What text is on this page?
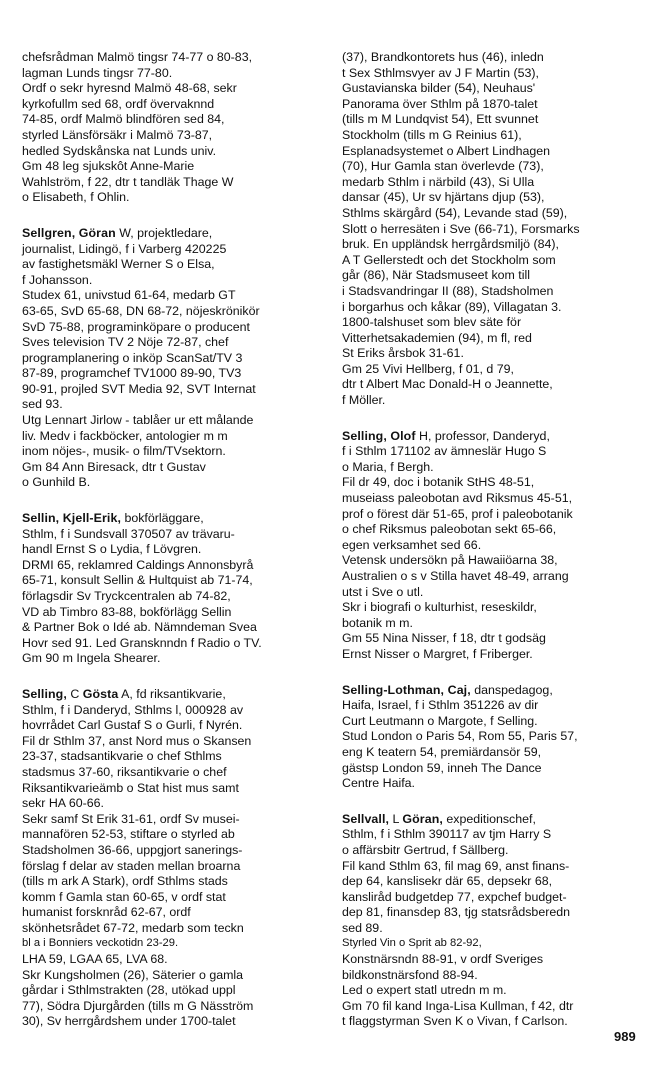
chefsrådman Malmö tingsr 74-77 o 80-83,
lagman Lunds tingsr 77-80.
Ordf o sekr hyresnd Malmö 48-68, sekr
kyrkofullm sed 68, ordf övervaknnd
74-85, ordf Malmö blindfören sed 84,
styrled Länsförsäkr i Malmö 73-87,
hedled Sydskånska nat Lunds univ.
Gm 48 leg sjukskôt Anne-Marie
Wahlström, f 22, dtr t tandläk Thage W
o Elisabeth, f Ohlin.
Sellgren, Göran W, projektledare,
journalist, Lidingö, f i Varberg 420225
av fastighetsmäkl Werner S o Elsa,
f Johansson.
Studex 61, univstud 61-64, medarb GT
63-65, SvD 65-68, DN 68-72, nöjeskrönikör
SvD 75-88, programinköpare o producent
Sves television TV 2 Nöje 72-87, chef
programplanering o inköp ScanSat/TV 3
87-89, programchef TV1000 89-90, TV3
90-91, projled SVT Media 92, SVT Internat
sed 93.
Utg Lennart Jirlow - tablåer ur ett målande
liv. Medv i fackböcker, antologier m m
inom nöjes-, musik- o film/TVsektorn.
Gm 84 Ann Biresack, dtr t Gustav
o Gunhild B.
Sellin, Kjell-Erik, bokförläggare,
Sthlm, f i Sundsvall 370507 av trävaru-
handl Ernst S o Lydia, f Lövgren.
DRMI 65, reklamred Caldings Annonsbyrå
65-71, konsult Sellin & Hultquist ab 71-74,
förlagsdir Sv Tryckcentralen ab 74-82,
VD ab Timbro 83-88, bokförlägg Sellin
& Partner Bok o Idé ab. Nämndeman Svea
Hovr sed 91. Led Gransknndn f Radio o TV.
Gm 90 m Ingela Shearer.
Selling, C Gösta A, fd riksantikvarie,
Sthlm, f i Danderyd, Sthlms l, 000928 av
hovrrådet Carl Gustaf S o Gurli, f Nyrén.
Fil dr Sthlm 37, anst Nord mus o Skansen
23-37, stadsantikvarie o chef Sthlms
stadsmus 37-60, riksantikvarie o chef
Riksantikvarieämb o Stat hist mus samt
sekr HA 60-66.
Sekr samf St Erik 31-61, ordf Sv musei-
mannafören 52-53, stiftare o styrled ab
Stadsholmen 36-66, uppgjort sanerings-
förslag f delar av staden mellan broarna
(tills m ark A Stark), ordf Sthlms stads
komm f Gamla stan 60-65, v ordf stat
humanist forsknråd 62-67, ordf
skönhetsrådet 67-72, medarb som teckn
bl a i Bonniers veckotidn 23-29.
LHA 59, LGAA 65, LVA 68.
Skr Kungsholmen (26), Säterier o gamla
gårdar i Sthlmstrakten (28, utökad uppl
77), Södra Djurgården (tills m G Näsström
30), Sv herrgårdshem under 1700-talet
(37), Brandkontorets hus (46), inledn
t Sex Sthlmsvyer av J F Martin (53),
Gustavianska bilder (54), Neuhaus'
Panorama över Sthlm på 1870-talet
(tills m M Lundqvist 54), Ett svunnet
Stockholm (tills m G Reinius 61),
Esplanadsystemet o Albert Lindhagen
(70), Hur Gamla stan överlevde (73),
medarb Sthlm i närbild (43), Si Ulla
dansar (45), Ur sv hjärtans djup (53),
Sthlms skärgård (54), Levande stad (59),
Slott o herresäten i Sve (66-71), Forsmarks
bruk. En uppländsk herrgårdsmiljö (84),
A T Gellerstedt och det Stockholm som
går (86), När Stadsmuseet kom till
i Stadsvandringar II (88), Stadsholmen
i borgarhus och kåkar (89), Villagatan 3.
1800-talshuset som blev säte för
Vitterhetsakademien (94), m fl, red
St Eriks årsbok 31-61.
Gm 25 Vivi Hellberg, f 01, d 79,
dtr t Albert Mac Donald-H o Jeannette,
f Möller.
Selling, Olof H, professor, Danderyd,
f i Sthlm 171102 av ämneslär Hugo S
o Maria, f Bergh.
Fil dr 49, doc i botanik StHS 48-51,
museiass paleobotan avd Riksmus 45-51,
prof o förest där 51-65, prof i paleobotanik
o chef Riksmus paleobotan sekt 65-66,
egen verksamhet sed 66.
Vetensk undersökn på Hawaiiöarna 38,
Australien o s v Stilla havet 48-49, arrang
utst i Sve o utl.
Skr i biografi o kulturhist, reseskildr,
botanik m m.
Gm 55 Nina Nisser, f 18, dtr t godsäg
Ernst Nisser o Margret, f Friberger.
Selling-Lothman, Caj, danspedagog,
Haifa, Israel, f i Sthlm 351226 av dir
Curt Leutmann o Margote, f Selling.
Stud London o Paris 54, Rom 55, Paris 57,
eng K teatern 54, premiärdansör 59,
gästsp London 59, inneh The Dance
Centre Haifa.
Sellvall, L Göran, expeditionschef,
Sthlm, f i Sthlm 390117 av tjm Harry S
o affärsbitr Gertrud, f Sällberg.
Fil kand Sthlm 63, fil mag 69, anst finans-
dep 64, kanslisekr där 65, depsekr 68,
kansliråd budgetdep 77, expchef budget-
dep 81, finansdep 83, tjg statsrådsberedn
sed 89.
Styrled Vin o Sprit ab 82-92,
Konstnärsndn 88-91, v ordf Sveriges
bildkonstnärsfond 88-94.
Led o expert statl utredn m m.
Gm 70 fil kand Inga-Lisa Kullman, f 42, dtr
t flaggstyrman Sven K o Vivan, f Carlson.
989
